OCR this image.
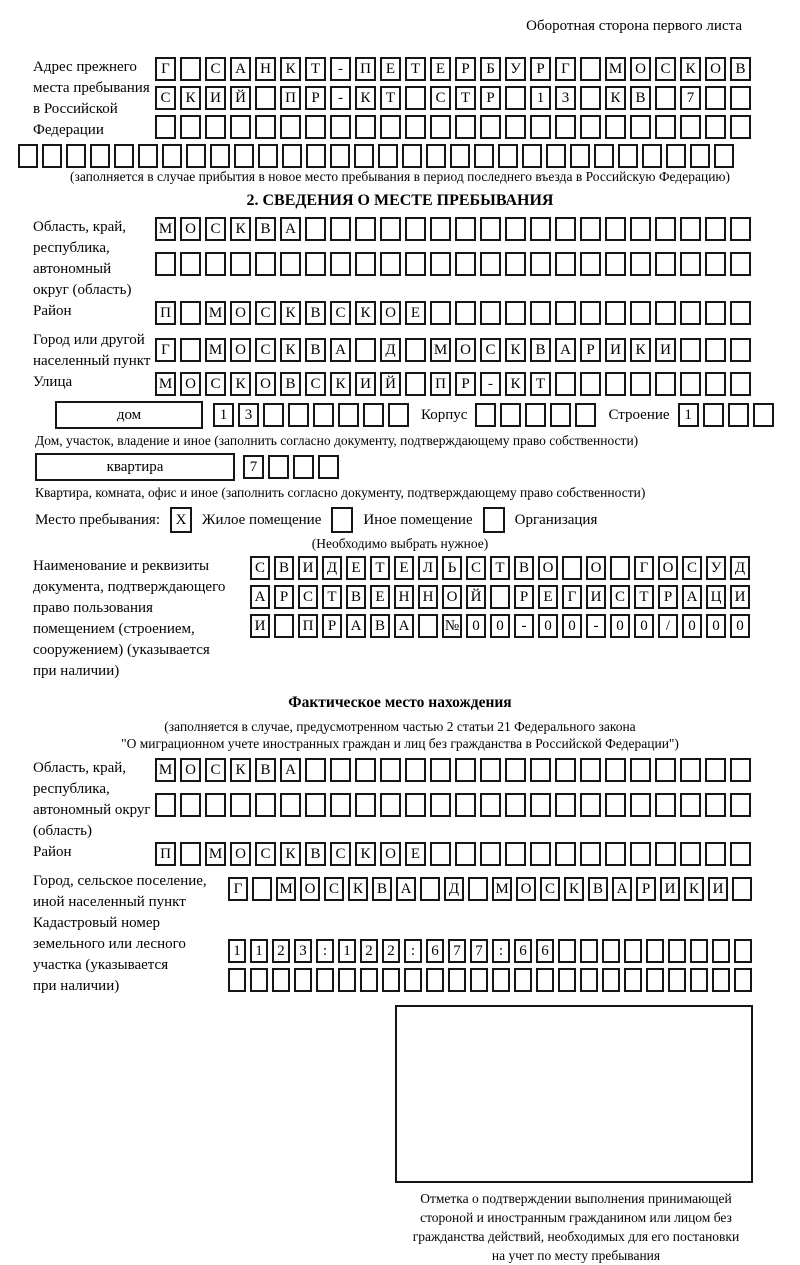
Оборотная сторона первого листа
Адрес прежнего
места пребывания
в Российской
Федерации
Г	С А Н К	Т	-	П Е	Т	Е	Р	Б	У	Р	Г	М О С К О В
С К И Й	П	Р	-	К	Т	С	Т	Р	1	3	К В	7
(заполняется в случае прибытия в новое место пребывания в период последнего въезда в Российскую Федерацию)
2. СВЕДЕНИЯ О МЕСТЕ ПРЕБЫВАНИЯ
Область, край,
республика,
автономный
округ (область)
М О С К В А
Район	П	М О С К В С К О Е
Город или другой
населенный пункт
Г	М О С К В А	Д	М О С К В А	Р	И К И
Улица	М О С К О В С К И Й	П	Р	-	К	Т
дом	1	3	Корпус	Строение 1
Дом, участок, владение и иное (заполнить согласно документу, подтверждающему право собственности)
квартира	7
Квартира, комната, офис и иное (заполнить согласно документу, подтверждающему право собственности)
Место пребывания:	X	Жилое помещение	Иное помещение	Организация
(Необходимо выбрать нужное)
Наименование и реквизиты
документа, подтверждающего
право пользования
помещением (строением,
сооружением) (указывается
при наличии)
С В И Д Е Т Е Л Ь С Т В О	О	Г О С У Д
А Р С Т В Е Н Н О Й	Р	Е	Г И С Т	Р А Ц И
И	П Р А В А	№ 0	0	-	0	0	-	0	0	/	0	0	0
Фактическое место нахождения
(заполняется в случае, предусмотренном частью 2 статьи 21 Федерального закона
"О миграционном учете иностранных граждан и лиц без гражданства в Российской Федерации")
Область, край,
республика,
автономный округ
(область)
М О С К В А
Район	П	М О С К В С К О Е
Город, сельское поселение,
иной населенный пункт
Г	М О С К В А	Д	М О С К В А Р И К И
Кадастровый номер
земельного или лесного
участка (указывается
при наличии)
1 1 2 3	:	1 2 2	:	6 7 7	:	6 6
Отметка о подтверждении выполнения принимающей
стороной и иностранным гражданином или лицом без
гражданства действий, необходимых для его постановки
на учет по месту пребывания
